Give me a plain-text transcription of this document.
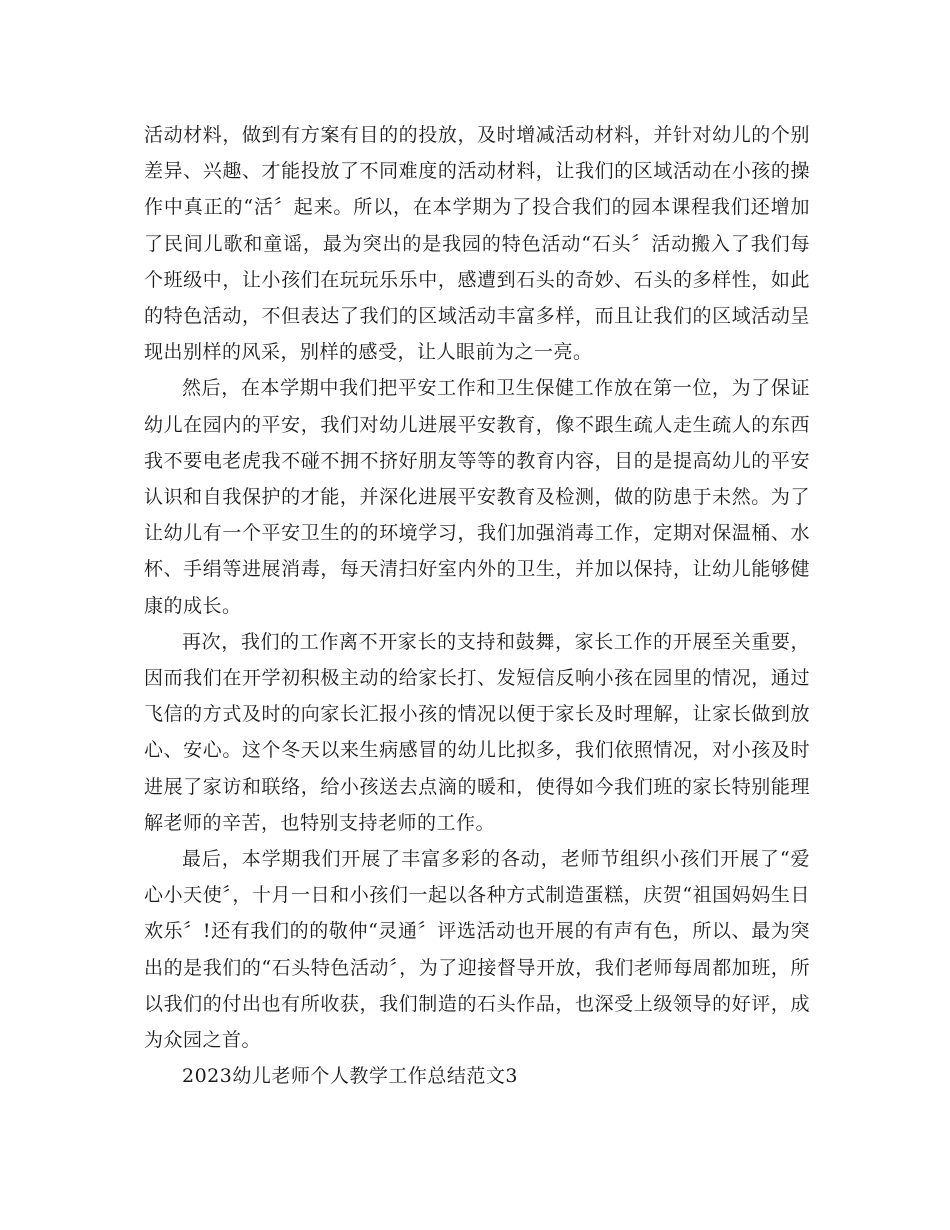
活动材料，做到有方案有目的的投放，及时增减活动材料，并针对幼儿的个别差异、兴趣、才能投放了不同难度的活动材料，让我们的区域活动在小孩的操作中真正的“活〞起来。所以，在本学期为了投合我们的园本课程我们还增加了民间儿歌和童谣，最为突出的是我园的特色活动“石头〞活动搬入了我们每个班级中，让小孩们在玩玩乐乐中，感遭到石头的奇妙、石头的多样性，如此的特色活动，不但表达了我们的区域活动丰富多样，而且让我们的区域活动呈现出别样的风采，别样的感受，让人眼前为之一亮。

然后，在本学期中我们把平安工作和卫生保健工作放在第一位，为了保证幼儿在园内的平安，我们对幼儿进展平安教育，像不跟生疏人走生疏人的东西我不要电老虎我不碰不拥不挤好朋友等等的教育内容，目的是提高幼儿的平安认识和自我保护的才能，并深化进展平安教育及检测，做的防患于未然。为了让幼儿有一个平安卫生的的环境学习，我们加强消毒工作，定期对保温桶、水杯、手绢等进展消毒，每天清扫好室内外的卫生，并加以保持，让幼儿能够健康的成长。

再次，我们的工作离不开家长的支持和鼓舞，家长工作的开展至关重要，因而我们在开学初积极主动的给家长打、发短信反响小孩在园里的情况，通过飞信的方式及时的向家长汇报小孩的情况以便于家长及时理解，让家长做到放心、安心。这个冬天以来生病感冒的幼儿比拟多，我们依照情况，对小孩及时进展了家访和联络，给小孩送去点滴的暖和，使得如今我们班的家长特别能理解老师的辛苦，也特别支持老师的工作。

最后，本学期我们开展了丰富多彩的各动，老师节组织小孩们开展了“爱心小天使〞，十月一日和小孩们一起以各种方式制造蛋糕，庆贺“祖国妈妈生日欢乐〞!还有我们的的敬仲“灵通〞评选活动也开展的有声有色，所以、最为突出的是我们的“石头特色活动〞，为了迎接督导开放，我们老师每周都加班，所以我们的付出也有所收获，我们制造的石头作品，也深受上级领导的好评，成为众园之首。

2023幼儿老师个人教学工作总结范文3
